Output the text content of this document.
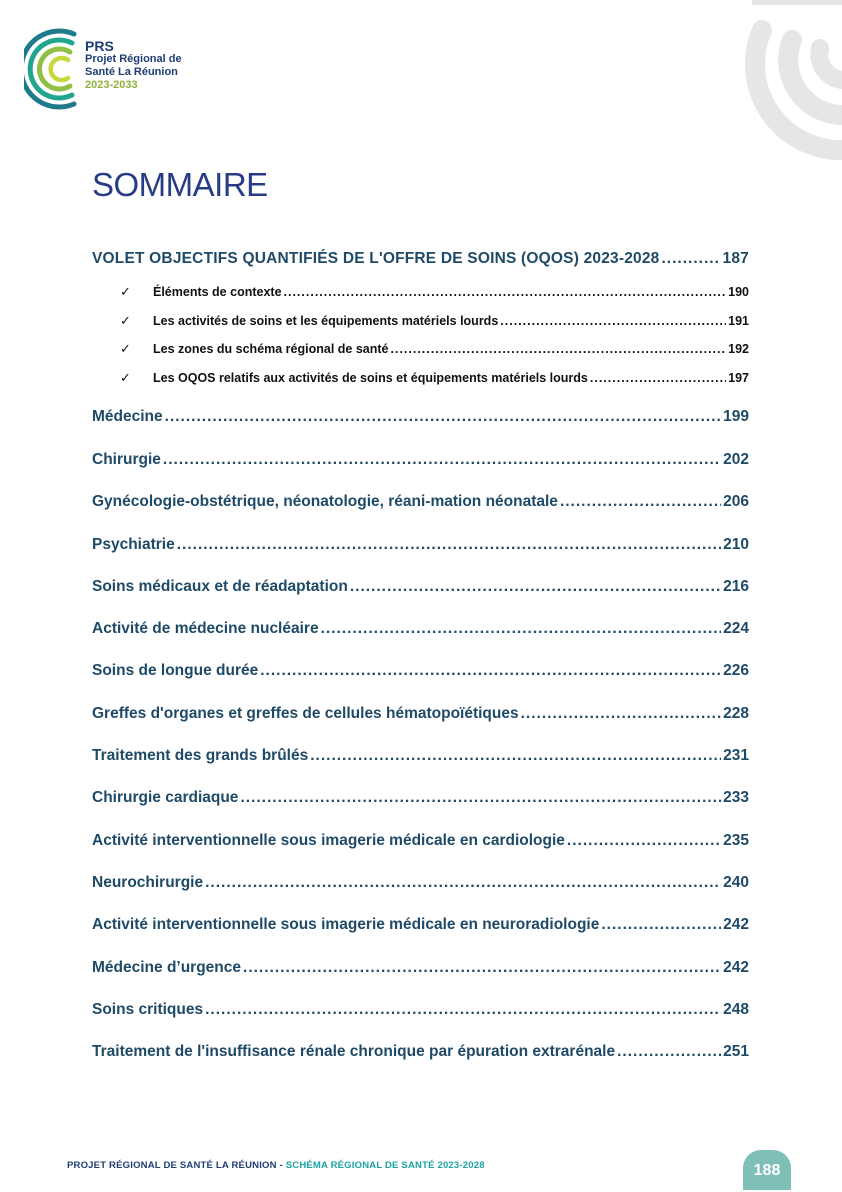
PRS
Projet Régional de
Santé La Réunion
2023-2033
SOMMAIRE
VOLET OBJECTIFS QUANTIFIÉS DE L'OFFRE DE SOINS (OQOS) 2023-2028 .....	187
✓	Éléments de contexte .....	190
✓	Les activités de soins et les équipements matériels lourds .....	191
✓	Les zones du schéma régional de santé .....	192
✓	Les OQOS relatifs aux activités de soins et équipements matériels lourds .....	197
Médecine .....	199
Chirurgie .....	202
Gynécologie-obstétrique, néonatologie, réani-mation néonatale .....	206
Psychiatrie .....	210
Soins médicaux et de réadaptation .....	216
Activité de médecine nucléaire .....	224
Soins de longue durée .....	226
Greffes d'organes et greffes de cellules hématopoïétiques .....	228
Traitement des grands brûlés .....	231
Chirurgie cardiaque .....	233
Activité interventionnelle sous imagerie médicale en cardiologie .....	235
Neurochirurgie .....	240
Activité interventionnelle sous imagerie médicale en neuroradiologie .....	242
Médecine d’urgence .....	242
Soins critiques .....	248
Traitement de l'insuffisance rénale chronique par épuration extrarénale .....	251
PROJET RÉGIONAL DE SANTÉ LA RÉUNION - SCHÉMA RÉGIONAL DE SANTÉ 2023-2028	188
